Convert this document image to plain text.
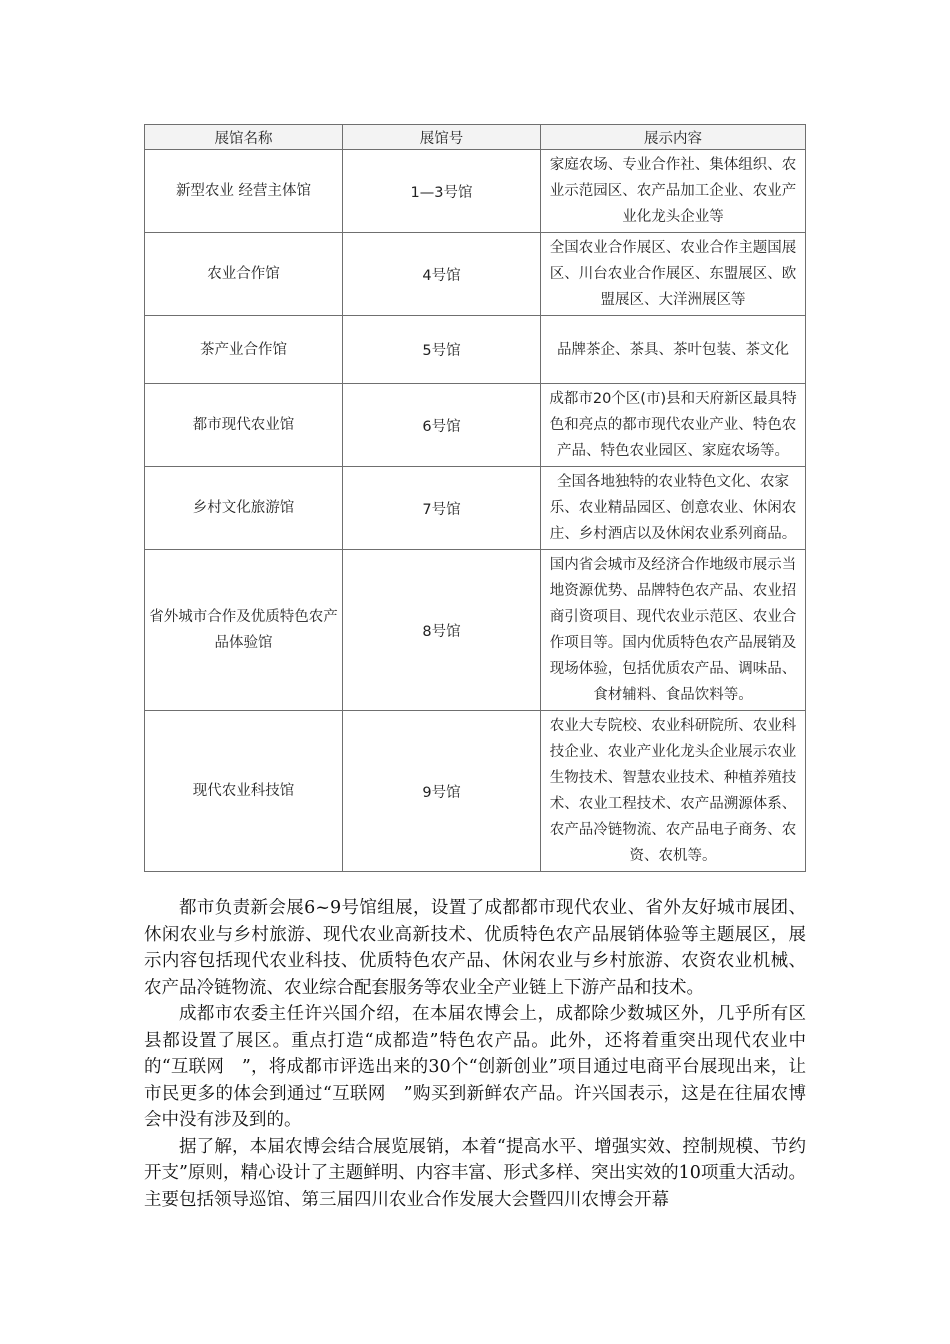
展馆名称	展馆号	展示内容
新型农业 经营主体馆	1—3号馆	家庭农场、专业合作社、集体组织、农业示范园区、农产品加工企业、农业产业化龙头企业等
农业合作馆	4号馆	全国农业合作展区、农业合作主题国展区、川台农业合作展区、东盟展区、欧盟展区、大洋洲展区等
茶产业合作馆	5号馆	品牌茶企、茶具、茶叶包装、茶文化
都市现代农业馆	6号馆	成都市20个区(市)县和天府新区最具特色和亮点的都市现代农业产业、特色农产品、特色农业园区、家庭农场等。
乡村文化旅游馆	7号馆	全国各地独特的农业特色文化、农家乐、农业精品园区、创意农业、休闲农庄、乡村酒店以及休闲农业系列商品。
省外城市合作及优质特色农产品体验馆	8号馆	国内省会城市及经济合作地级市展示当地资源优势、品牌特色农产品、农业招商引资项目、现代农业示范区、农业合作项目等。国内优质特色农产品展销及现场体验，包括优质农产品、调味品、食材辅料、食品饮料等。
现代农业科技馆	9号馆	农业大专院校、农业科研院所、农业科技企业、农业产业化龙头企业展示农业生物技术、智慧农业技术、种植养殖技术、农业工程技术、农产品溯源体系、农产品冷链物流、农产品电子商务、农资、农机等。

都市负责新会展6~9号馆组展，设置了成都都市现代农业、省外友好城市展团、休闲农业与乡村旅游、现代农业高新技术、优质特色农产品展销体验等主题展区，展示内容包括现代农业科技、优质特色农产品、休闲农业与乡村旅游、农资农业机械、农产品冷链物流、农业综合配套服务等农业全产业链上下游产品和技术。

成都市农委主任许兴国介绍，在本届农博会上，成都除少数城区外，几乎所有区县都设置了展区。重点打造“成都造”特色农产品。此外，还将着重突出现代农业中的“互联网　”，将成都市评选出来的30个“创新创业”项目通过电商平台展现出来，让市民更多的体会到通过“互联网　”购买到新鲜农产品。许兴国表示，这是在往届农博会中没有涉及到的。

据了解，本届农博会结合展览展销，本着“提高水平、增强实效、控制规模、节约开支”原则，精心设计了主题鲜明、内容丰富、形式多样、突出实效的10项重大活动。主要包括领导巡馆、第三届四川农业合作发展大会暨四川农博会开幕
